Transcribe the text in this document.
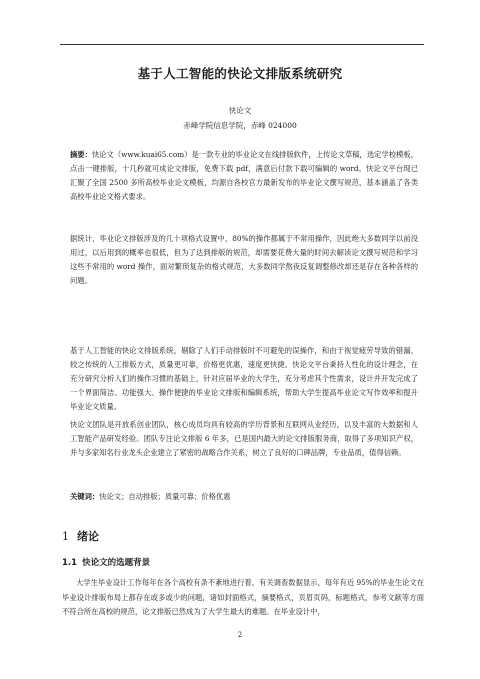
基于人工智能的快论文排版系统研究
快论文
赤峰学院信息学院，赤峰 024000

摘要：快论文（www.kuai65.com）是一款专业的毕业论文在线排版软件，上传论文草稿，选定学校模板，点击一键排版，十几秒就可成论文排版，免费下载 pdf，满意后付款下载可编辑的 word。快论文平台现已汇聚了全国 2500 多所高校毕业论文模板，均源自各校官方最新发布的毕业论文撰写规范，基本涵盖了各类高校毕业论文格式要求。

据统计，毕业论文排版涉及的几十项格式设置中，80%的操作都属于不常用操作，因此绝大多数同学以前没用过，以后用到的概率也很低，但为了达到排版的规范，却需要花费大量的时间去解读论文撰写规范和学习这些不常用的 word 操作，面对繁琐复杂的格式规范，大多数同学熬夜反复调整修改却还是存在各种各样的问题。

基于人工智能的快论文排版系统，剔除了人们手动排版时不可避免的误操作，和由于视觉疲劳导致的错漏，较之传统的人工排版方式，质量更可靠，价格更优惠，速度更快捷。快论文平台秉持人性化的设计理念，在充分研究分析人们的操作习惯的基础上，针对应届毕业的大学生，充分考虑其个性需求，设计并开发完成了一个界面简洁、功能强大、操作便捷的毕业论文排版和编辑系统，帮助大学生提高毕业论文写作效率和提升毕业论文质量。

快论文团队是开放系创业团队，核心成员均具有较高的学历背景和互联网从业经历，以及丰富的大数据和人工智能产品研发经验。团队专注论文排版 6 年多，已是国内最大的论文排版服务商，取得了多项知识产权，并与多家知名行业龙头企业建立了紧密的战略合作关系，树立了良好的口碑品牌，专业品质，值得信赖。

关键词：快论文；自动排版；质量可靠；价格优惠

1 绪论
1.1 快论文的选题背景

大学生毕业设计工作每年在各个高校有条不紊地进行着，有关调查数据显示，每年有近 95%的毕业生论文在毕业设计排版布局上都存在或多或少的问题，诸如封面格式，摘要格式，页眉页码，标题格式，参考文献等方面不符合所在高校的规范，论文排版已然成为了大学生最大的难题。在毕业设计中，

2
